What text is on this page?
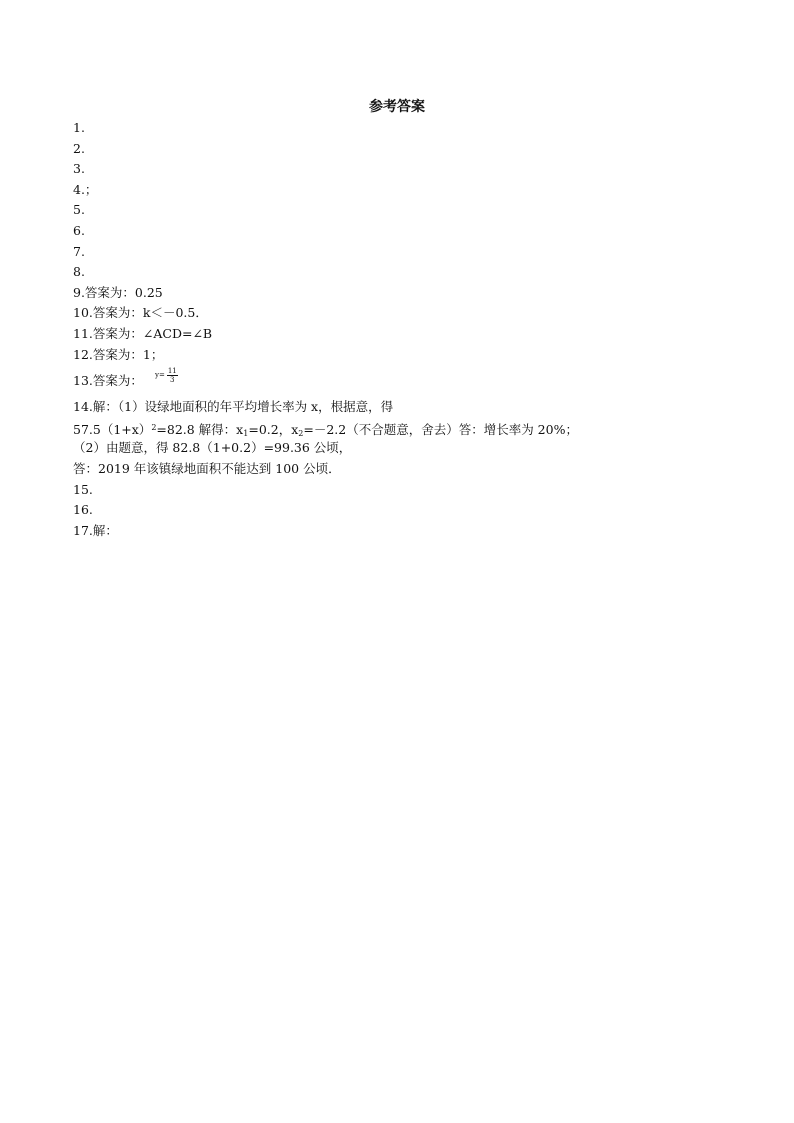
参考答案
1.
2.
3.
4.；
5.
6.
7.
8.
9.答案为：0.25
10.答案为：k＜－0.5．
11.答案为：∠ACD=∠B
12.答案为：1；
13.答案为： $y= \frac{11}{3}$
14.解：（1）设绿地面积的年平均增长率为 x，根据意，得
$57.5(1+x)^2=82.8$ 解得：$x_1=0.2$，$x_2=-2.2$（不合题意，舍去）答：增长率为 20%；
（2）由题意，得 82.8（1+0.2）=99.36 公顷，
答：2019 年该镇绿地面积不能达到 100 公顷．
15.
16.
17.解：
